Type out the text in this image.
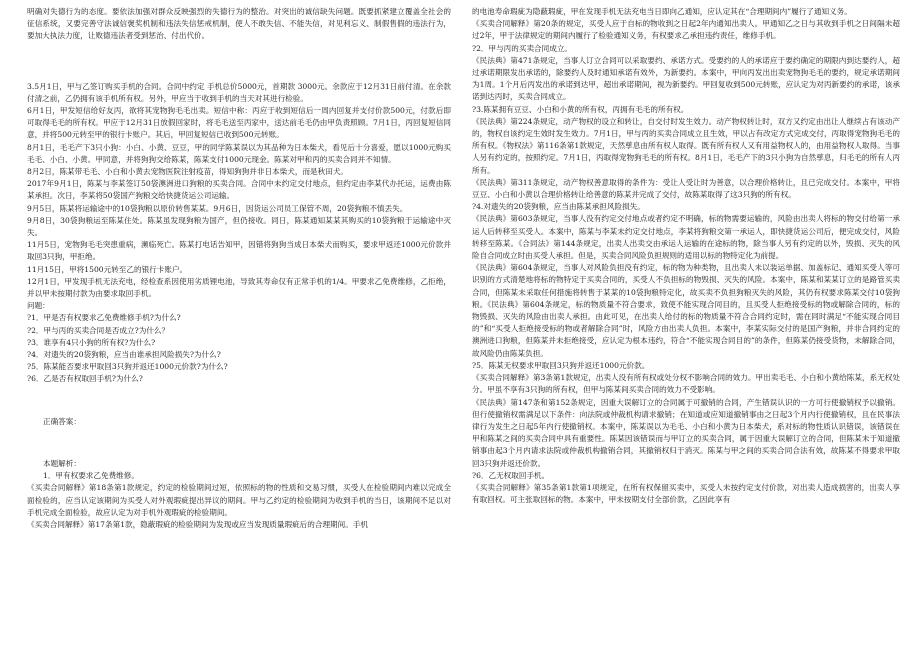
明确对失德行为的态度。要依法加强对群众反映强烈的失德行为的整治。对突出的诚信缺失问题。既要抓紧建立覆盖全社会的征信系统，又要完善守法诚信褒奖机制和违法失信惩戒机制，使人不敢失信、不能失信，对见利忘义、制假售假的违法行为，要加大执法力度，让败德违法者受到惩治、付出代价。

3.5月1日，甲与乙签订购买手机的合同。合同中约定 手机总价5000元，首期款 3000元。余款应于12月31日前付清。在余款付清之前，乙仍拥有该手机所有权。另外，甲应当于收到手机的当天对其进行检验。

6月1日，甲发短信给好友丙，欲将其宠物狗毛毛出卖。短信中称：丙应于收到短信后一周内回复并支付价款500元，付款后即可取得毛毛的所有权。甲应于12月31日放假回家时，将毛毛送至丙家中，送达前毛毛仍由甲负责照顾。7月1日，丙回复短信同意，并将500元转至甲的银行卡账户。其后，甲回复短信已收到500元转账。

8月1日，毛毛产下3只小狗：小白、小黄、豆豆，甲的同学陈某误以为其品种为日本柴犬，看见后十分喜爱，愿以1000元购买毛毛、小白、小黄。甲同意，并将狗狗交给陈某，陈某支付1000元现金。陈某对甲和丙的买卖合同并不知情。

8月2日，陈某带毛毛、小白和小黄去宠物医院注射疫苗，得知狗狗并非日本柴犬，而是秋田犬。

2017年9月1日，陈某与李某签订50袋澳洲进口狗粮的买卖合同。合同中未约定交付地点，但约定由李某代办托运，运费由陈某承担。次日，李某将50袋国产狗粮交给快捷货运公司运输。

9月5日，陈某将运输途中的10袋狗粮以原价转售某某。9月6日，因货运公司员工保管不周，20袋狗粮不慎丢失。

9月8日，30袋狗粮运至陈某住处。陈某虽发现狗粮为国产，但仍接收。同日，陈某通知某某其购买的10袋狗粮于运输途中灭失。

11月5日，宠物狗毛毛突患重病，濒临死亡。陈某打电话告知甲，因错将狗狗当成日本柴犬而购买，要求甲返还1000元价款并取回3只狗，甲拒绝。

11月15日，甲将1500元转至乙的银行卡账户。

12月1日，甲发现手机无法充电，经检查系因使用劣质锂电池，导致其寿命仅有正常手机的1/4。甲要求乙免费维修，乙拒绝，并以甲未按期付款为由要求取回手机。

问题：

?1．甲是否有权要求乙免费维修手机?为什么?

?2．甲与丙的买卖合同是否成立?为什么？

?3．谁享有4只小狗的所有权?为什么?

?4．对遗失的20袋狗粮，应当由谁承担风险损失?为什么?

?5．陈某能否要求甲取回3只狗并返还1000元价款?为什么?

?6．乙是否有权取回手机?为什么?

正确答案：

本题解析：

1．甲有权要求乙免费维修。

《买卖合同解释》第18条第1款规定，约定的检验期间过短，依照标的物的性质和交易习惯，买受人在检验期间内难以完成全面检验的，应当认定该期间为买受人对外观瑕疵提出异议的期间。甲与乙约定的检验期间为收到手机的当日，该期间不足以对手机完成全面检验，故应认定为对手机外观瑕疵的检验期间。

《买卖合同解释》第17条第1款，隐蔽瑕疵的检验期间为发现或应当发现质量瑕疵后的合理期间。手机

的电池寿命瑕疵为隐蔽瑕疵，甲在发现手机无法充电当日即向乙通知，应认定其在“合理期间内”履行了通知义务。

《买卖合同解释》第20条的规定，买受人应于自标的物收到之日起2年内通知出卖人。甲通知乙之日与其收到手机之日间隔未超过2年，甲于法律规定的期间内履行了检验通知义务，有权要求乙承担违约责任，维修手机。

?2．甲与丙的买卖合同成立。

《民法典》第471条规定，当事人订立合同可以采取要约、承诺方式。受要约的人的承诺应于要约确定的期限内到达要约人，超过承诺期限发出承诺的，除要约人及时通知承诺有效外，为新要约。本案中，甲向丙发出出卖宠物狗毛毛的要约，规定承诺期间为1周。1个月后丙发出的承诺到达甲，超出承诺期间，视为新要约。甲回复收到500元转账，应认定为对丙新要约的承诺，该承诺到达丙时，买卖合同成立。

?3.陈某拥有豆豆、小白和小黄的所有权，丙拥有毛毛的所有权。

《民法典》第224条规定，动产物权的设立和转让，自交付时发生效力。动产物权转让时，双方又约定由出让人继续占有该动产的，物权自该约定生效时发生效力。7月1日，甲与丙的买卖合同成立且生效，甲以占有改定方式完成交付，丙取得宠物狗毛毛的所有权。《物权法》第116条第1款规定，天然孳息由所有权人取得。既有所有权人又有用益物权人的，由用益物权人取得。当事人另有约定的，按照约定。7月1日，丙取得宠物狗毛毛的所有权。8月1日，毛毛产下的3只小狗为自然孳息，归毛毛的所有人丙所有。

《民法典》第311条规定，动产物权善意取得的条件为：受让人受让时为善意，以合理价格转让，且已完成交付。本案中，甲将豆豆、小白和小黄以合理价格转让给善意的陈某并完成了交付，故陈某取得了这3只狗的所有权。

?4.对遗失的20袋狗粮，应当由陈某承担风险损失。

《民法典》第603条规定，当事人没有约定交付地点或者约定不明确，标的物需要运输的，风险由出卖人将标的物交付给第一承运人后转移至买受人。本案中，陈某与李某未约定交付地点，李某将狗粮交第一承运人，即快捷货运公司后，便完成交付，风险转移至陈某。《合同法》第144条规定，出卖人出卖交由承运人运输的在途标的物，除当事人另有约定的以外，毁损、灭失的风险自合同成立时由买受人承担。但是，买卖合同风险负担规则的适用以标的物特定化为前提。

《民法典》第604条规定，当事人对风险负担没有约定，标的物为种类物，且出卖人未以装运单据、加盖标记、通知买受人等可识别的方式清楚地将标的物特定于买卖合同的，买受人不负担标的物毁损、灭失的风险。本案中，陈某和某某订立的是路管买卖合同，但陈某未采取任何措施将转售于某某的10袋狗粮特定化，故买卖不负担狗粮灭失的风险，其仍有权要求陈某交付10袋狗粮。《民法典》第604条规定，标的物质量不符合要求，致使不能实现合同目的，且买受人拒绝接受标的物或解除合同的，标的物毁损、灭失的风险由出卖人承担。由此可见，在出卖人给付的标的物质量不符合合同约定时，需在同时满足“不能实现合同目的”和“买受人拒绝接受标的物或者解除合同”时，风险方由出卖人负担。本案中，李某实际交付的是国产狗粮，并非合同约定的澳洲进口狗粮，但陈某并未拒绝接受，应认定为根本违约，符合“不能实现合同目的”的条件，但陈某仍接受货物，未解除合同，故风险仍由陈某负担。

?5．陈某无权要求甲取回3只狗并返还1000元价款。

《买卖合同解释》第3条第1款规定，出卖人没有所有权或处分权不影响合同的效力。甲出卖毛毛、小白和小黄给陈某，系无权处分。甲虽不享有3只狗的所有权，但甲与陈某间买卖合同的效力不受影响。

《民法典》第147条和第152条规定，因重大误解订立的合同属于可撤销的合同，产生错误认识的一方可行使撤销权予以撤销。但行使撤销权需满足以下条件：向法院或仲裁机构请求撤销；在知道或应知道撤销事由之日起3个月内行使撤销权，且在民事法律行为发生之日起5年内行使撤销权。本案中，陈某误以为毛毛、小白和小黄为日本柴犬，系对标的物性质认识错误，该错误在甲和陈某之间的买卖合同中具有重要性。陈某因该错误而与甲订立的买卖合同，属于因重大误解订立的合同，但陈某未于知道撤销事由起3个月内请求法院或仲裁机构撤销合同，其撤销权归于消灭。陈某与甲之间的买卖合同合法有效，故陈某不得要求甲取回3只狗并返还价款。

?6．乙无权取回手机。

《买卖合同解释》第35条第1款第1项规定，在所有权保留买卖中，买受人未按约定支付价款，对出卖人造成损害的，出卖人享有取回权。可主张取回标的物。本案中，甲未按期支付全部价款，乙因此享有
